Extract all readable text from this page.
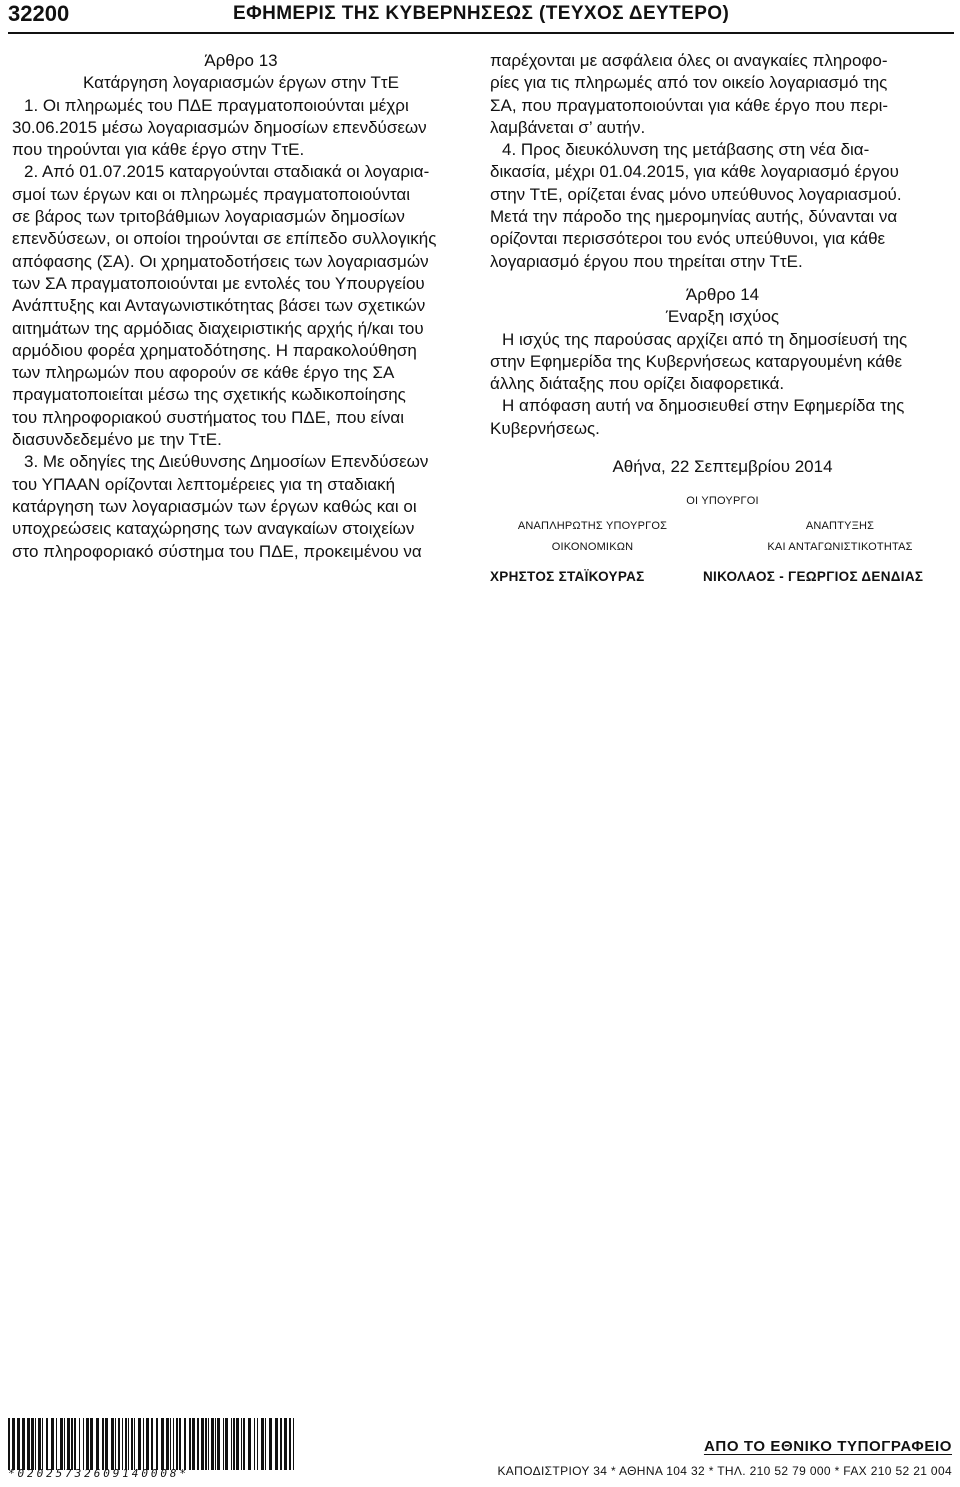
32200	ΕΦΗΜΕΡΙΣ ΤΗΣ ΚΥΒΕΡΝΗΣΕΩΣ (ΤΕΥΧΟΣ ΔΕΥΤΕΡΟ)

Άρθρο 13

Κατάργηση λογαριασμών έργων στην ΤτΕ

1. Οι πληρωμές του ΠΔΕ πραγματοποιούνται μέχρι
30.06.2015 μέσω λογαριασμών δημοσίων επενδύσεων
που τηρούνται για κάθε έργο στην ΤτΕ.

2. Από 01.07.2015 καταργούνται σταδιακά οι λογαρια-
σμοί των έργων και οι πληρωμές πραγματοποιούνται
σε βάρος των τριτοβάθμιων λογαριασμών δημοσίων
επενδύσεων, οι οποίοι τηρούνται σε επίπεδο συλλογικής
απόφασης (ΣΑ). Οι χρηματοδοτήσεις των λογαριασμών
των ΣΑ πραγματοποιούνται με εντολές του Υπουργείου
Ανάπτυξης και Ανταγωνιστικότητας βάσει των σχετικών
αιτημάτων της αρμόδιας διαχειριστικής αρχής ή/και του
αρμόδιου φορέα χρηματοδότησης. Η παρακολούθηση
των πληρωμών που αφορούν σε κάθε έργο της ΣΑ
πραγματοποιείται μέσω της σχετικής κωδικοποίησης
του πληροφοριακού συστήματος του ΠΔΕ, που είναι
διασυνδεδεμένο με την ΤτΕ.

3. Με οδηγίες της Διεύθυνσης Δημοσίων Επενδύσεων
του ΥΠΑΑΝ ορίζονται λεπτομέρειες για τη σταδιακή
κατάργηση των λογαριασμών των έργων καθώς και οι
υποχρεώσεις καταχώρησης των αναγκαίων στοιχείων
στο πληροφοριακό σύστημα του ΠΔΕ, προκειμένου να

παρέχονται με ασφάλεια όλες οι αναγκαίες πληροφο-
ρίες για τις πληρωμές από τον οικείο λογαριασμό της
ΣΑ, που πραγματοποιούνται για κάθε έργο που περι-
λαμβάνεται σ’ αυτήν.

4. Προς διευκόλυνση της μετάβασης στη νέα δια-
δικασία, μέχρι 01.04.2015, για κάθε λογαριασμό έργου
στην ΤτΕ, ορίζεται ένας μόνο υπεύθυνος λογαριασμού.
Μετά την πάροδο της ημερομηνίας αυτής, δύνανται να
ορίζονται περισσότεροι του ενός υπεύθυνοι, για κάθε
λογαριασμό έργου που τηρείται στην ΤτΕ.

Άρθρο 14

Έναρξη ισχύος

Η ισχύς της παρούσας αρχίζει από τη δημοσίευσή της
στην Εφημερίδα της Κυβερνήσεως καταργουμένη κάθε
άλλης διάταξης που ορίζει διαφορετικά.

Η απόφαση αυτή να δημοσιευθεί στην Εφημερίδα της
Κυβερνήσεως.

Αθήνα, 22 Σεπτεμβρίου 2014

ΟΙ ΥΠΟΥΡΓΟΙ
ΑΝΑΠΛΗΡΩΤΗΣ ΥΠΟΥΡΓΟΣ
ΟΙΚΟΝΟΜΙΚΩΝ
ΑΝΑΠΤΥΞΗΣ
ΚΑΙ ΑΝΤΑΓΩΝΙΣΤΙΚΟΤΗΤΑΣ
ΧΡΗΣΤΟΣ ΣΤΑΪΚΟΥΡΑΣ	ΝΙΚΟΛΑΟΣ - ΓΕΩΡΓΙΟΣ ΔΕΝΔΙΑΣ
*02025732609140008*
ΑΠΟ ΤΟ ΕΘΝΙΚΟ ΤΥΠΟΓΡΑΦΕΙΟ
ΚΑΠΟΔΙΣΤΡΙΟΥ 34 * ΑΘΗΝΑ 104 32 * ΤΗΛ. 210 52 79 000 * FAX 210 52 21 004
